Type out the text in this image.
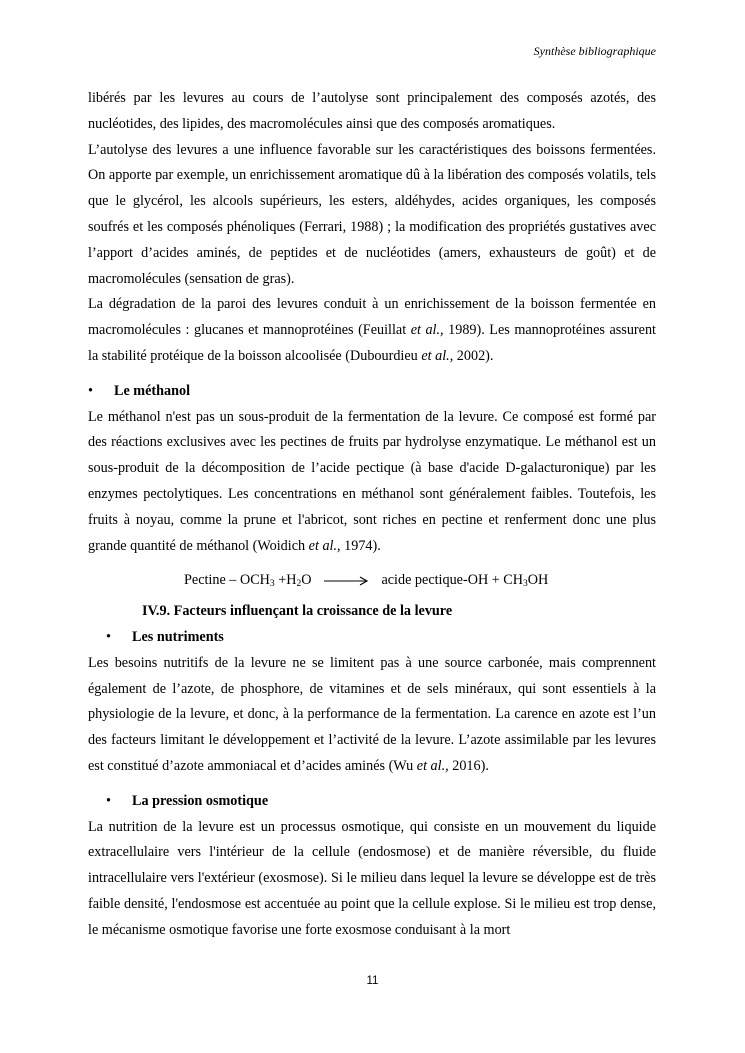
Synthèse bibliographique

libérés par les levures au cours de l’autolyse sont principalement des composés azotés, des nucléotides, des lipides, des macromolécules ainsi que des composés aromatiques.

L’autolyse des levures a une influence favorable sur les caractéristiques des boissons fermentées. On apporte par exemple, un enrichissement aromatique dû à la libération des composés volatils, tels que le glycérol, les alcools supérieurs, les esters, aldéhydes, acides organiques, les composés soufrés et les composés phénoliques (Ferrari, 1988) ; la modification des propriétés gustatives avec l’apport d’acides aminés, de peptides et de nucléotides (amers, exhausteurs de goût) et de macromolécules (sensation de gras).

La dégradation de la paroi des levures conduit à un enrichissement de la boisson fermentée en macromolécules : glucanes et mannoprotéines (Feuillat et al., 1989). Les mannoprotéines assurent la stabilité protéique de la boisson alcoolisée (Dubourdieu et al., 2002).

•	Le méthanol

Le méthanol n'est pas un sous-produit de la fermentation de la levure. Ce composé est formé par des réactions exclusives avec les pectines de fruits par hydrolyse enzymatique. Le méthanol est un sous-produit de la décomposition de l’acide pectique (à base d'acide D-galacturonique) par les enzymes pectolytiques. Les concentrations en méthanol sont généralement faibles. Toutefois, les fruits à noyau, comme la prune et l'abricot, sont riches en pectine et renferment donc une plus grande quantité de méthanol (Woidich et al., 1974).

Pectine – $OCH_3 +H_2O$ → acide pectique-OH + $CH_3OH$
IV.9. Facteurs influençant la croissance de la levure
•	Les nutriments

Les besoins nutritifs de la levure ne se limitent pas à une source carbonée, mais comprennent également de l’azote, de phosphore, de vitamines et de sels minéraux, qui sont essentiels à la physiologie de la levure, et donc, à la performance de la fermentation. La carence en azote est l’un des facteurs limitant le développement et l’activité de la levure. L’azote assimilable par les levures est constitué d’azote ammoniacal et d’acides aminés (Wu et al., 2016).

•	La pression osmotique

La nutrition de la levure est un processus osmotique, qui consiste en un mouvement du liquide extracellulaire vers l'intérieur de la cellule (endosmose) et de manière réversible, du fluide intracellulaire vers l'extérieur (exosmose). Si le milieu dans lequel la levure se développe est de très faible densité, l'endosmose est accentuée au point que la cellule explose. Si le milieu est trop dense, le mécanisme osmotique favorise une forte exosmose conduisant à la mort

11
